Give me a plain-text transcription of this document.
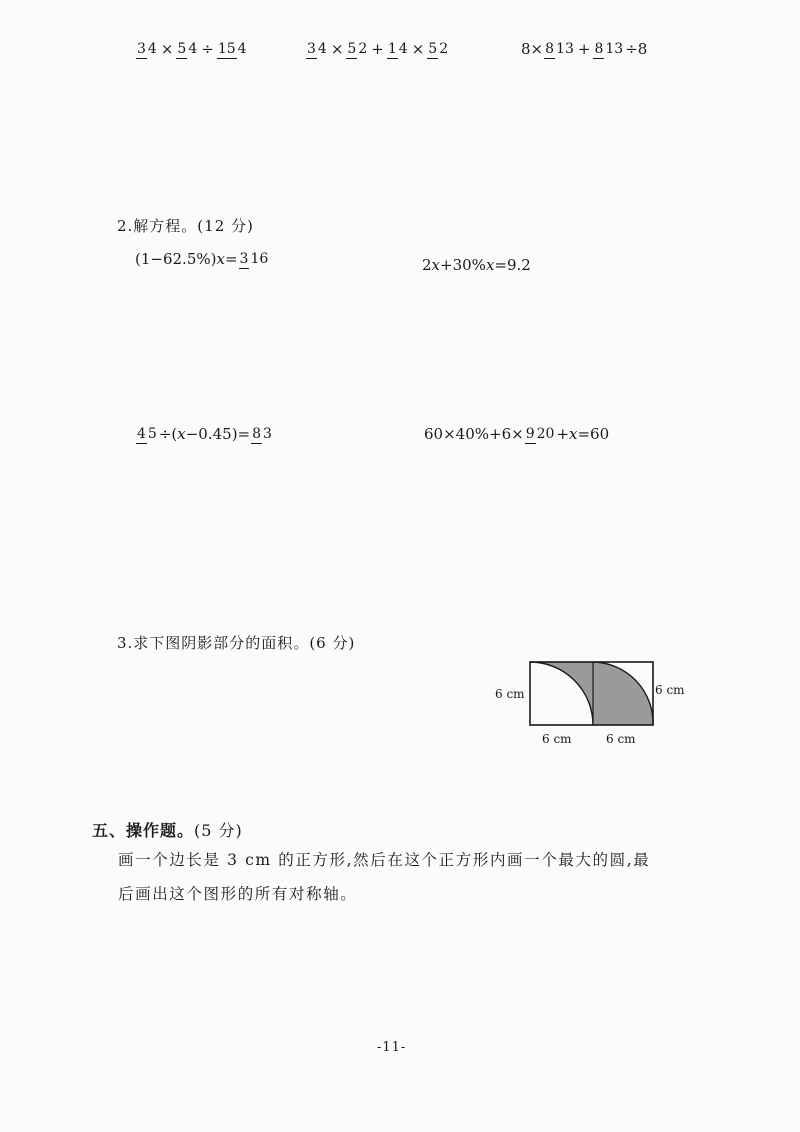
3 4 × 5 4 ÷ 15 4	3 4 × 5 2 + 1 4 × 5 2	8× 8 13 + 8 13 ÷8
2.解方程。(12 分)
(1−62.5%) x = 3 16	2 x +30% x =9.2
4 5 ÷( x −0.45)= 8 3	60×40%+6× 9 20 + x =60
3.求下图阴影部分的面积。(6 分)
6 cm	6 cm
6 cm	6 cm
五、操作题。(5 分)
画一个边长是 3 cm 的正方形,然后在这个正方形内画一个最大的圆,最
后画出这个图形的所有对称轴。
-11-
